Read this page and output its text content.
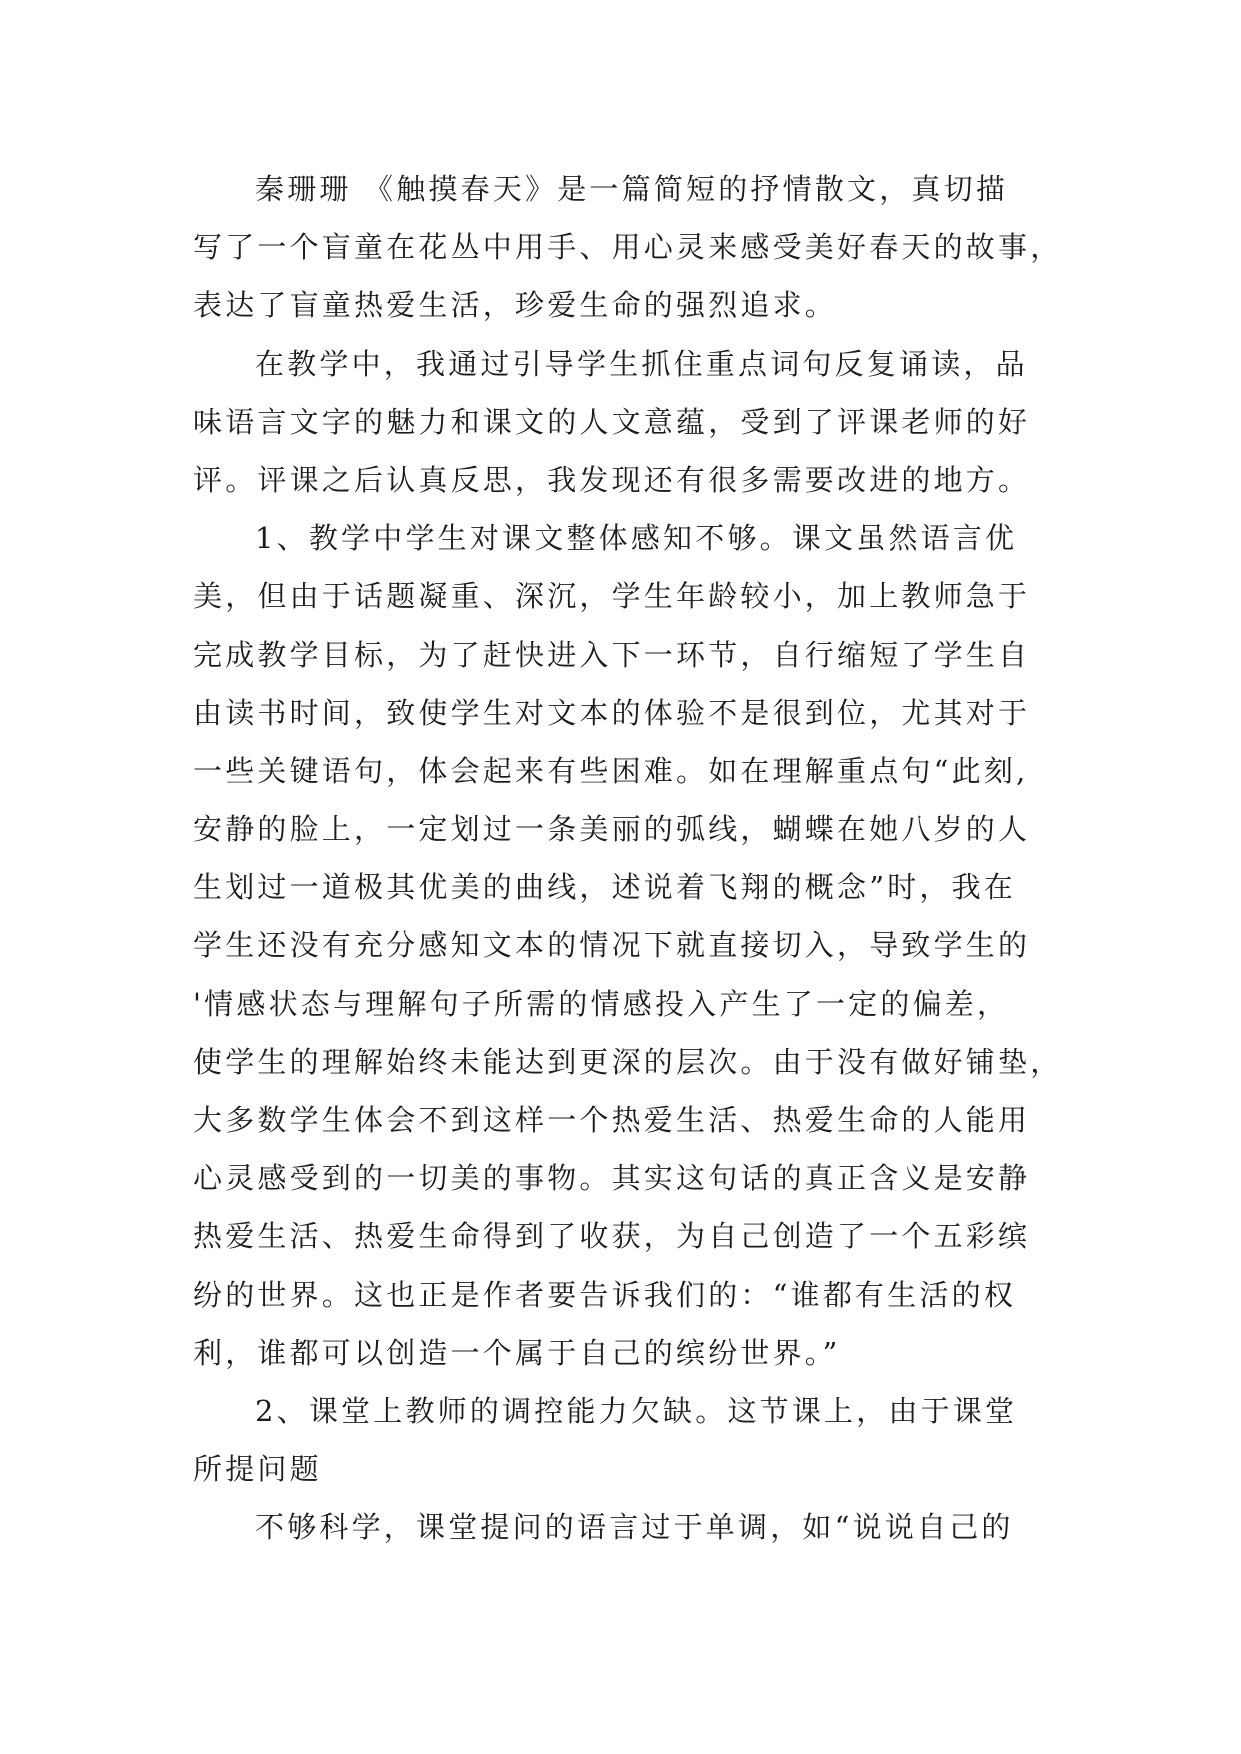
秦珊珊 《触摸春天》是一篇简短的抒情散文，真切描
写了一个盲童在花丛中用手、用心灵来感受美好春天的故事，
表达了盲童热爱生活，珍爱生命的强烈追求。
在教学中，我通过引导学生抓住重点词句反复诵读，品
味语言文字的魅力和课文的人文意蕴，受到了评课老师的好
评。评课之后认真反思，我发现还有很多需要改进的地方。
1、教学中学生对课文整体感知不够。课文虽然语言优
美，但由于话题凝重、深沉，学生年龄较小，加上教师急于
完成教学目标，为了赶快进入下一环节，自行缩短了学生自
由读书时间，致使学生对文本的体验不是很到位，尤其对于
一些关键语句，体会起来有些困难。如在理解重点句“此刻,
安静的脸上，一定划过一条美丽的弧线，蝴蝶在她八岁的人
生划过一道极其优美的曲线，述说着飞翔的概念”时，我在
学生还没有充分感知文本的情况下就直接切入，导致学生的
'情感状态与理解句子所需的情感投入产生了一定的偏差，
使学生的理解始终未能达到更深的层次。由于没有做好铺垫，
大多数学生体会不到这样一个热爱生活、热爱生命的人能用
心灵感受到的一切美的事物。其实这句话的真正含义是安静
热爱生活、热爱生命得到了收获，为自己创造了一个五彩缤
纷的世界。这也正是作者要告诉我们的：“谁都有生活的权
利，谁都可以创造一个属于自己的缤纷世界。”
2、课堂上教师的调控能力欠缺。这节课上，由于课堂
所提问题
不够科学，课堂提问的语言过于单调，如“说说自己的
